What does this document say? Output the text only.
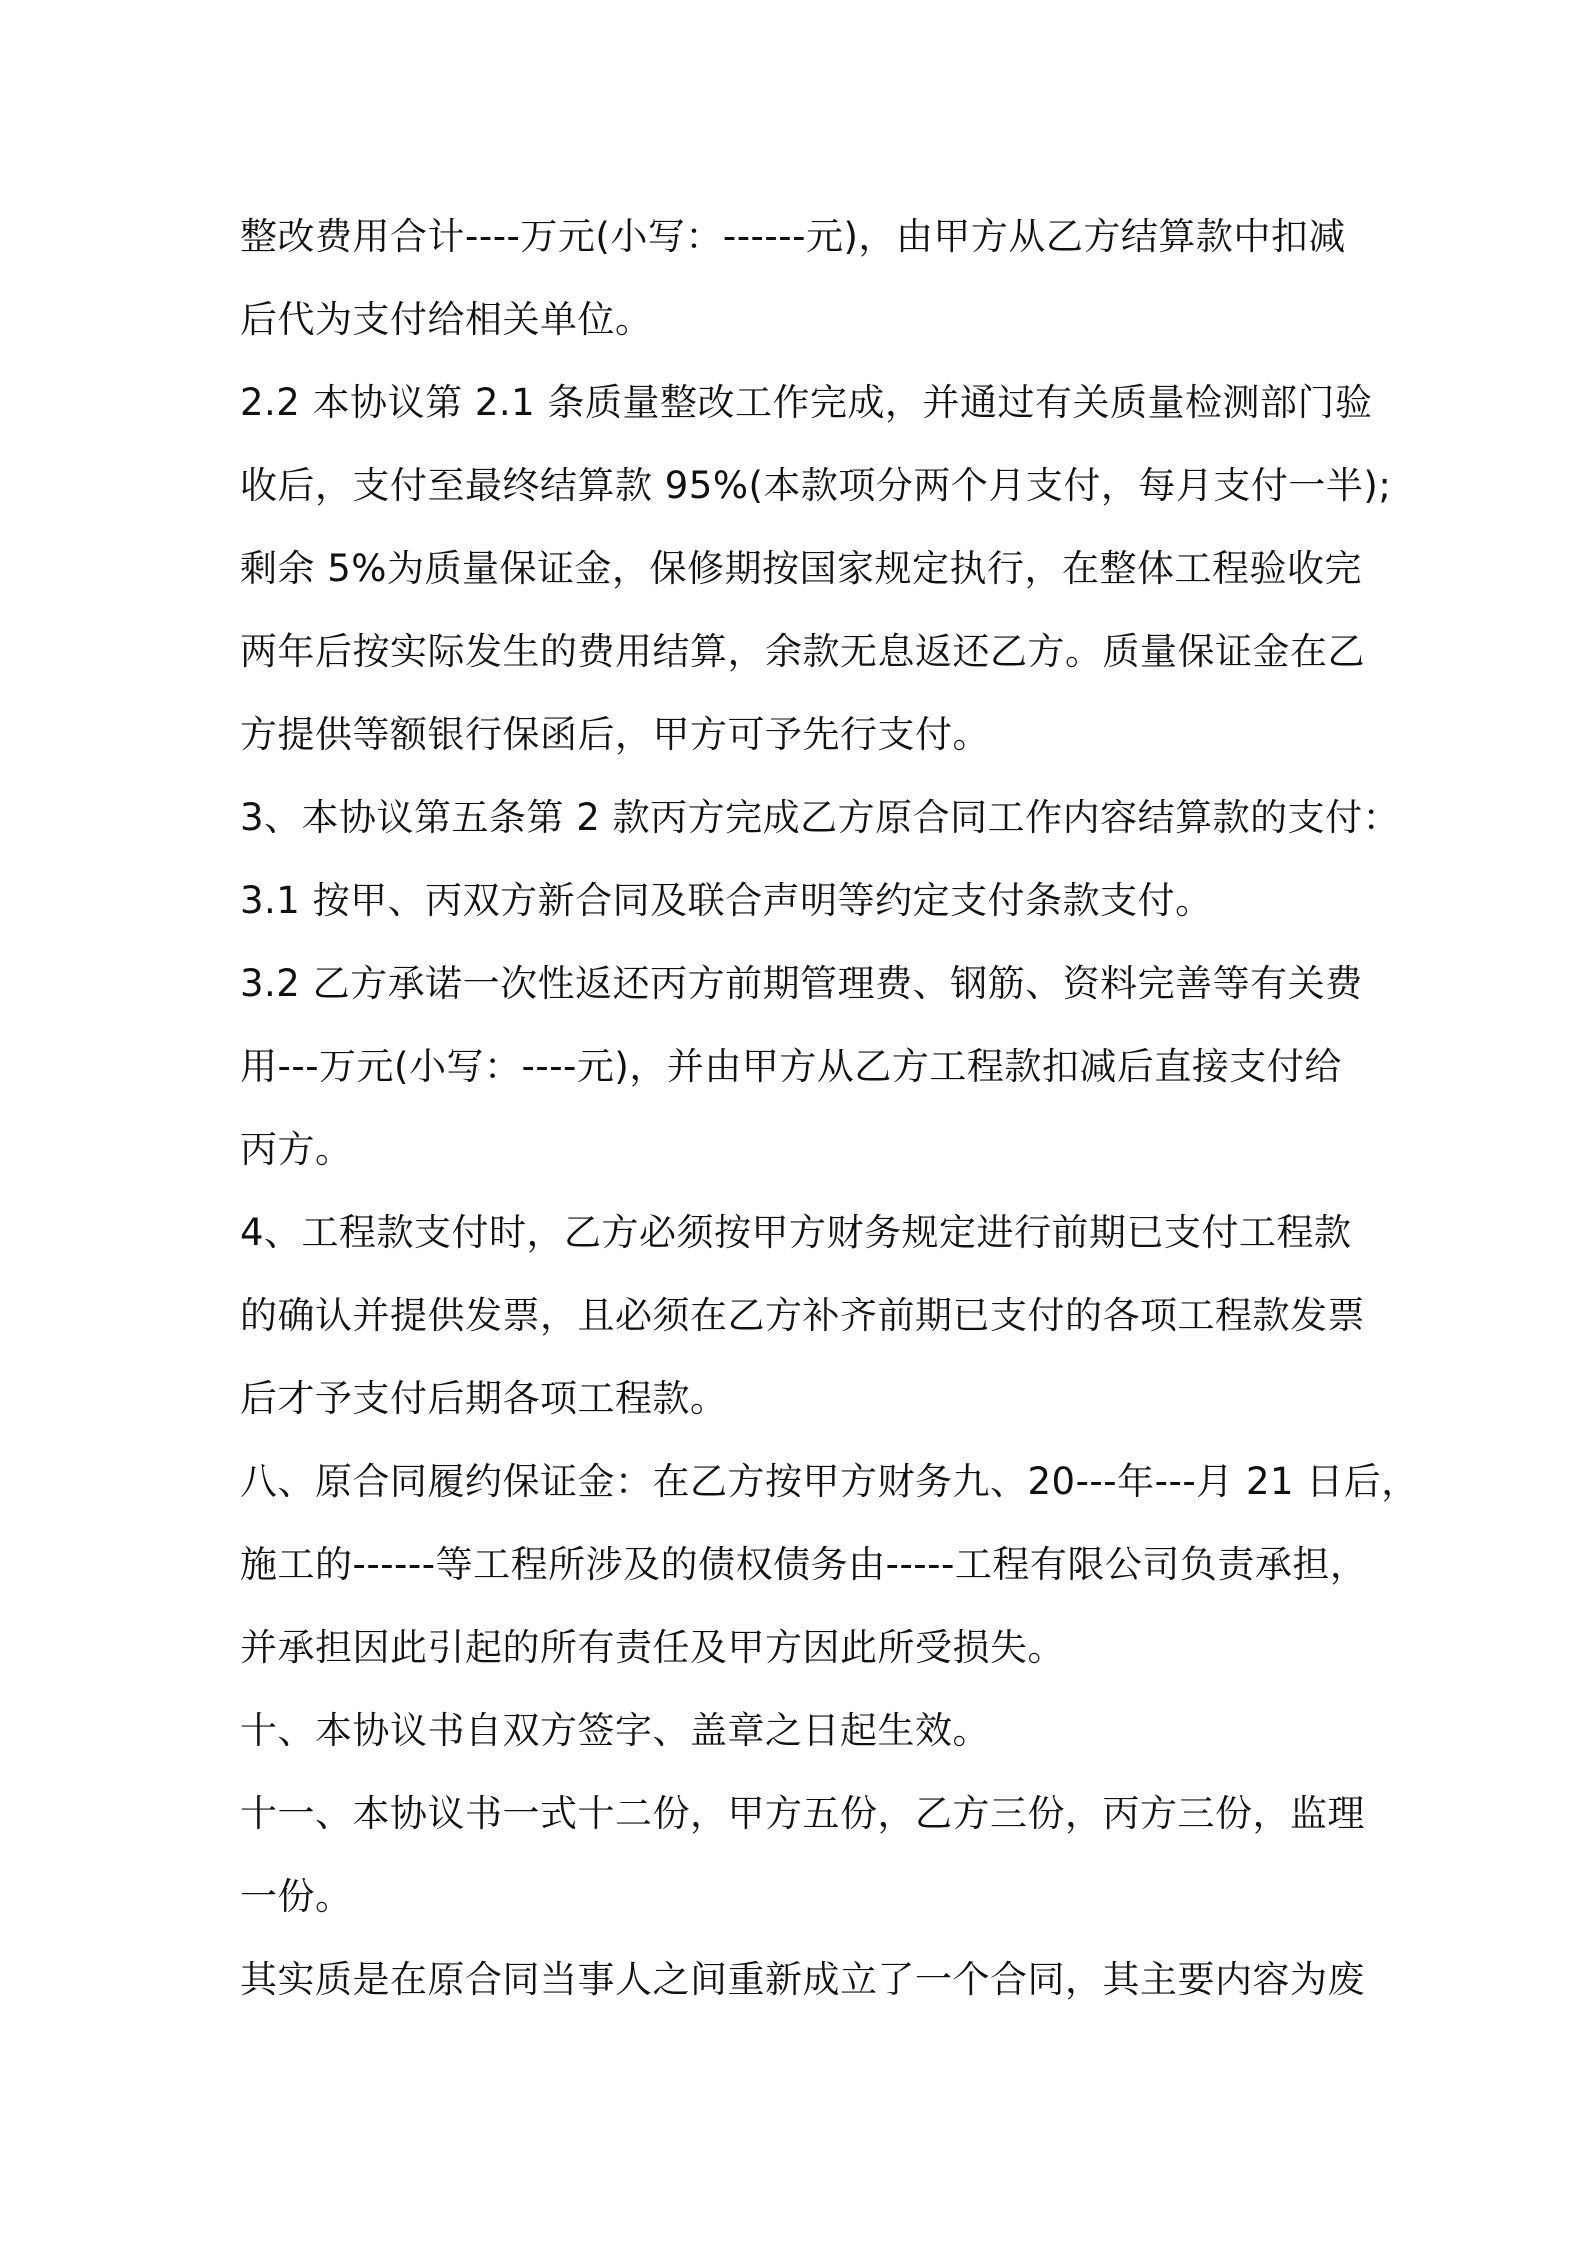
整改费用合计----万元(小写：------元)，由甲方从乙方结算款中扣减
后代为支付给相关单位。
2.2 本协议第 2.1 条质量整改工作完成，并通过有关质量检测部门验
收后，支付至最终结算款 95%(本款项分两个月支付，每月支付一半);
剩余 5%为质量保证金，保修期按国家规定执行，在整体工程验收完
两年后按实际发生的费用结算，余款无息返还乙方。质量保证金在乙
方提供等额银行保函后，甲方可予先行支付。
3、本协议第五条第 2 款丙方完成乙方原合同工作内容结算款的支付：
3.1 按甲、丙双方新合同及联合声明等约定支付条款支付。
3.2 乙方承诺一次性返还丙方前期管理费、钢筋、资料完善等有关费
用---万元(小写：----元)，并由甲方从乙方工程款扣减后直接支付给
丙方。
4、工程款支付时，乙方必须按甲方财务规定进行前期已支付工程款
的确认并提供发票，且必须在乙方补齐前期已支付的各项工程款发票
后才予支付后期各项工程款。
八、原合同履约保证金：在乙方按甲方财务九、20---年---月 21 日后，
施工的------等工程所涉及的债权债务由-----工程有限公司负责承担，
并承担因此引起的所有责任及甲方因此所受损失。
十、本协议书自双方签字、盖章之日起生效。
十一、本协议书一式十二份，甲方五份，乙方三份，丙方三份，监理
一份。
其实质是在原合同当事人之间重新成立了一个合同，其主要内容为废
